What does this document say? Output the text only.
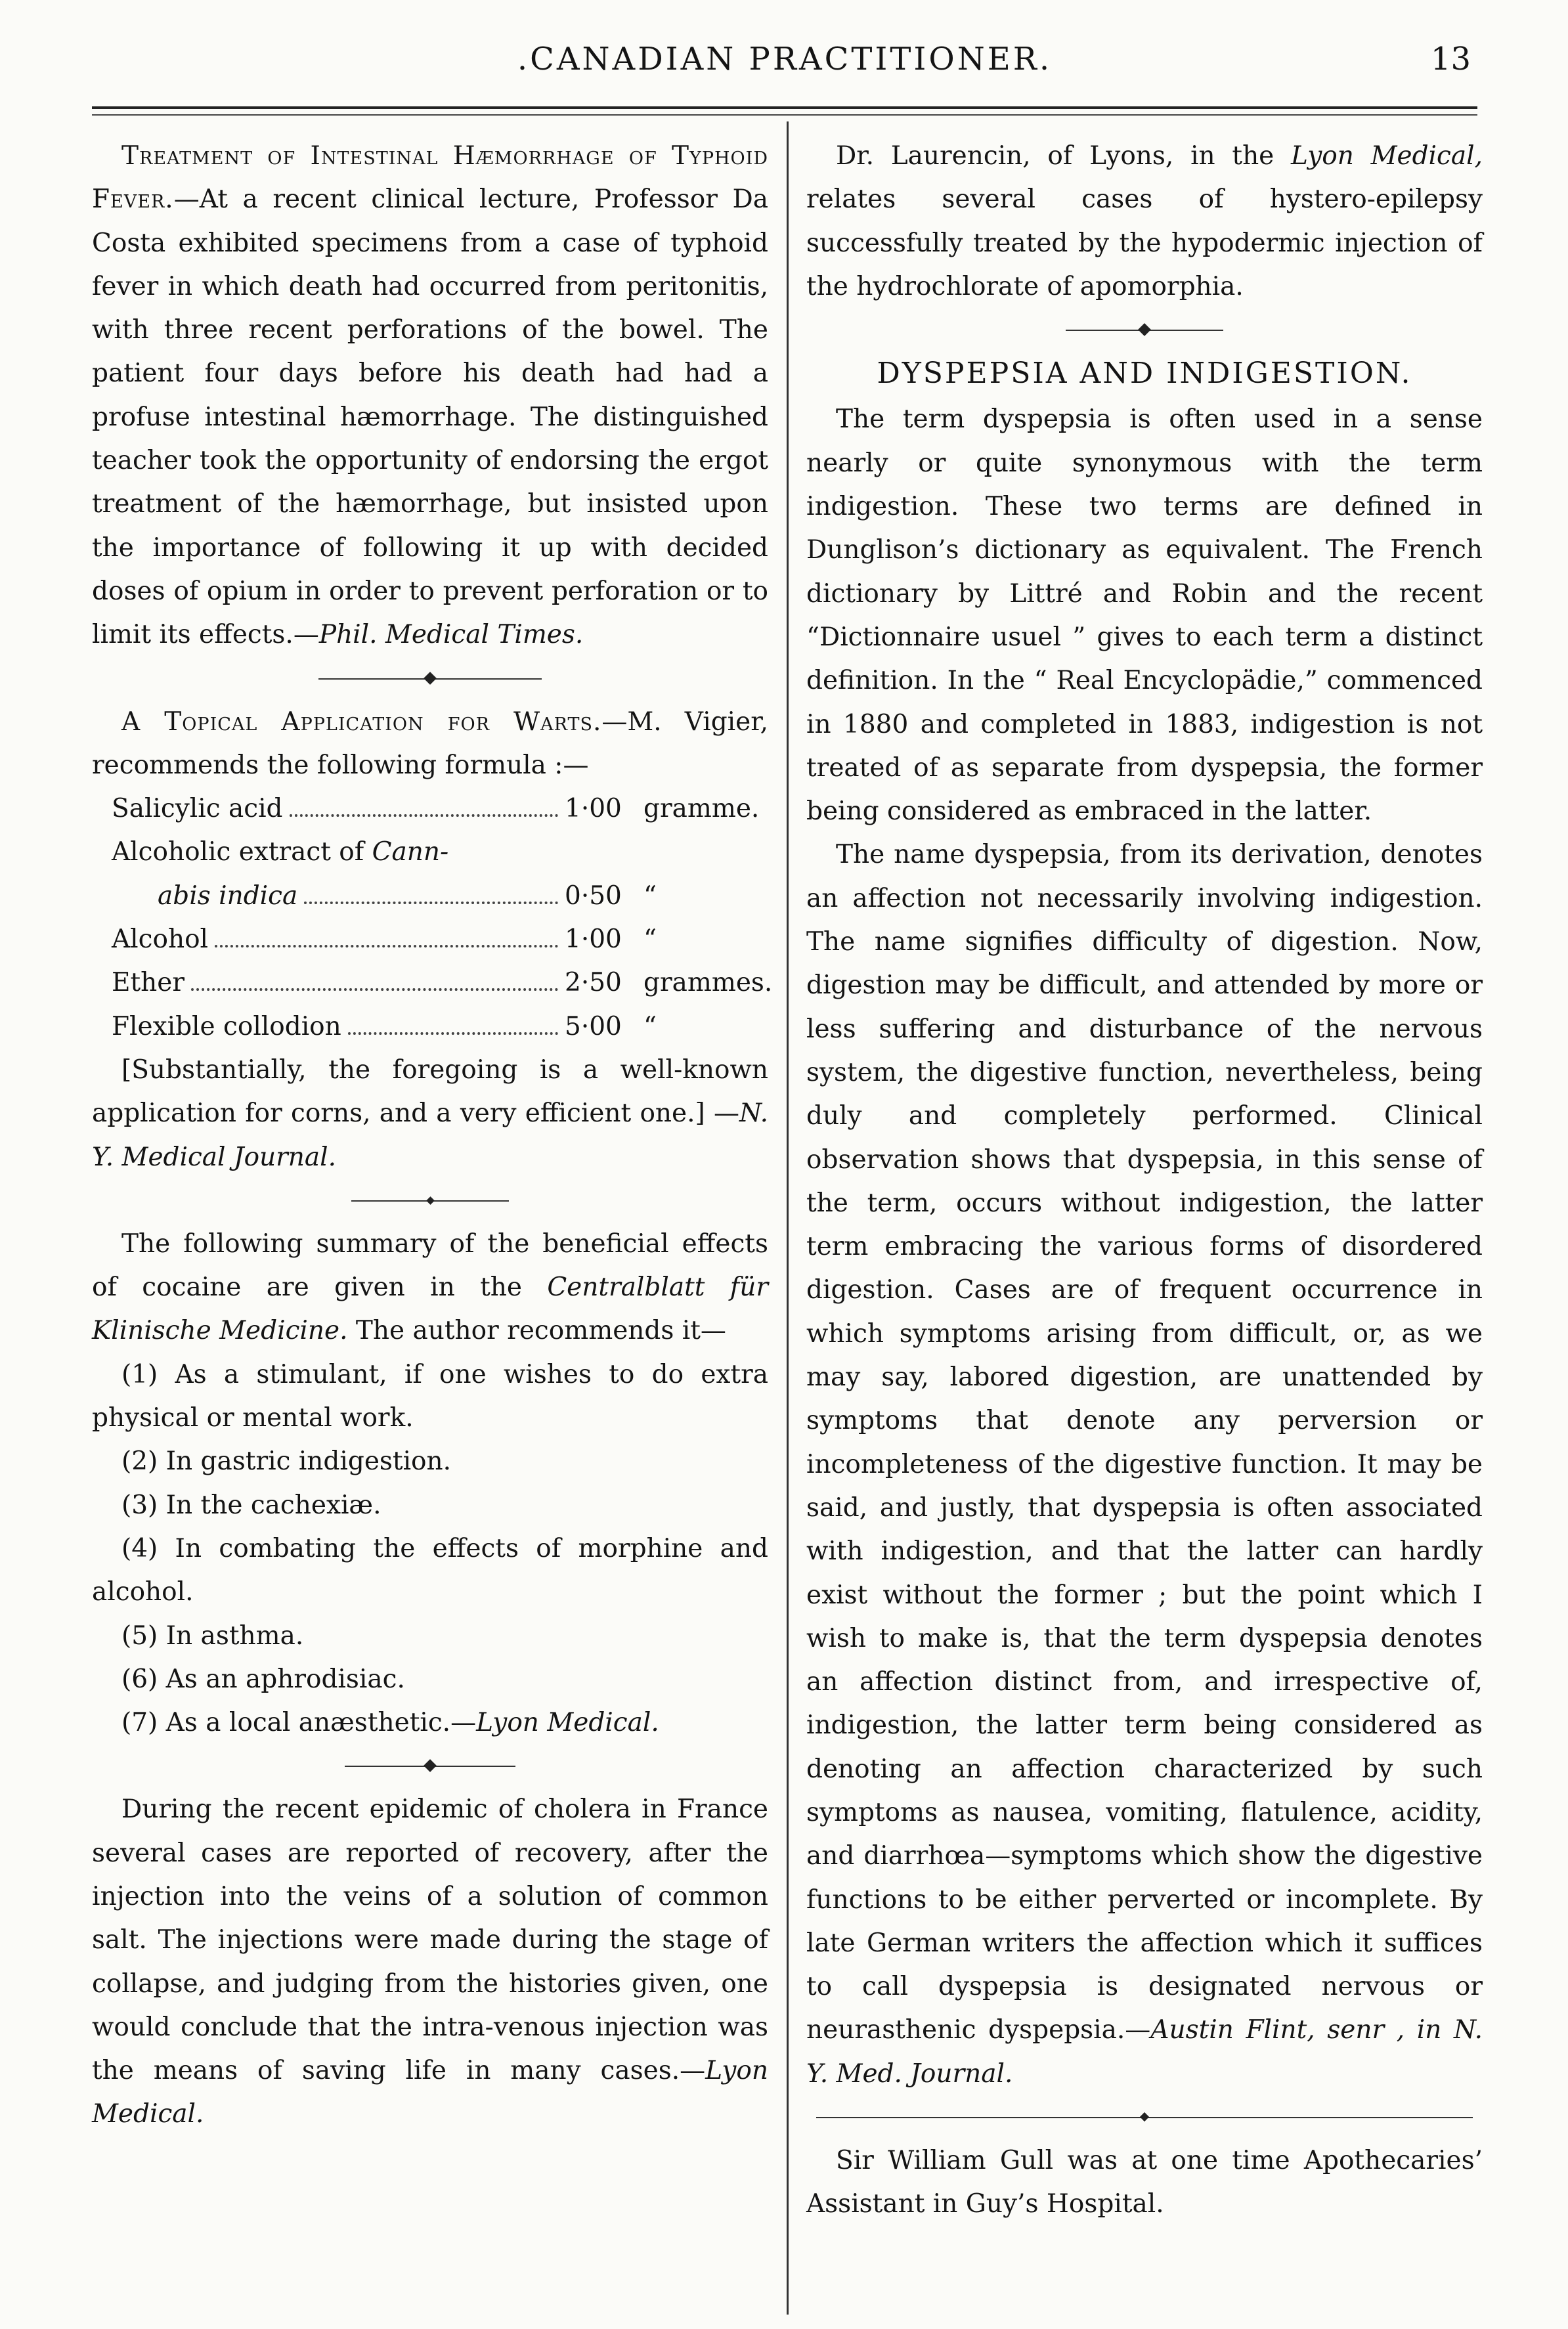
.CANADIAN PRACTITIONER.	13

Treatment of Intestinal Hæmorrhage of Typhoid Fever.—At a recent clinical lecture, Professor Da Costa exhibited specimens from a case of typhoid fever in which death had occurred from peritonitis, with three recent perforations of the bowel. The patient four days before his death had had a profuse intestinal hæmorrhage. The distinguished teacher took the opportunity of endorsing the ergot treatment of the hæmorrhage, but insisted upon the importance of following it up with decided doses of opium in order to prevent perforation or to limit its effects.—Phil. Medical Times.

A Topical Application for Warts.—M. Vigier, recommends the following formula :—

Salicylic acid	1·00 gramme.
Alcoholic extract of Cann-
abis indica	0·50 “
Alcohol	1·00 “
Ether	2·50 grammes.
Flexible collodion	5·00 “

[Substantially, the foregoing is a well-known application for corns, and a very efficient one.] —N. Y. Medical Journal.

The following summary of the beneficial effects of cocaine are given in the Centralblatt für Klinische Medicine. The author recommends it—

(1) As a stimulant, if one wishes to do extra physical or mental work.

(2) In gastric indigestion.

(3) In the cachexiæ.

(4) In combating the effects of morphine and alcohol.

(5) In asthma.

(6) As an aphrodisiac.

(7) As a local anæsthetic.—Lyon Medical.

During the recent epidemic of cholera in France several cases are reported of recovery, after the injection into the veins of a solution of common salt. The injections were made during the stage of collapse, and judging from the histories given, one would conclude that the intra-venous injection was the means of saving life in many cases.—Lyon Medical.

Dr. Laurencin, of Lyons, in the Lyon Medical, relates several cases of hystero-epilepsy successfully treated by the hypodermic injection of the hydrochlorate of apomorphia.

DYSPEPSIA AND INDIGESTION.

The term dyspepsia is often used in a sense nearly or quite synonymous with the term indigestion. These two terms are defined in Dunglison’s dictionary as equivalent. The French dictionary by Littré and Robin and the recent “Dictionnaire usuel ” gives to each term a distinct definition. In the “ Real Encyclopädie,” commenced in 1880 and completed in 1883, indigestion is not treated of as separate from dyspepsia, the former being considered as embraced in the latter.

The name dyspepsia, from its derivation, denotes an affection not necessarily involving indigestion. The name signifies difficulty of digestion. Now, digestion may be difficult, and attended by more or less suffering and disturbance of the nervous system, the digestive function, nevertheless, being duly and completely performed. Clinical observation shows that dyspepsia, in this sense of the term, occurs without indigestion, the latter term embracing the various forms of disordered digestion. Cases are of frequent occurrence in which symptoms arising from difficult, or, as we may say, labored digestion, are unattended by symptoms that denote any perversion or incompleteness of the digestive function. It may be said, and justly, that dyspepsia is often associated with indigestion, and that the latter can hardly exist without the former ; but the point which I wish to make is, that the term dyspepsia denotes an affection distinct from, and irrespective of, indigestion, the latter term being considered as denoting an affection characterized by such symptoms as nausea, vomiting, flatulence, acidity, and diarrhœa—symptoms which show the digestive functions to be either perverted or incomplete. By late German writers the affection which it suffices to call dyspepsia is designated nervous or neurasthenic dyspepsia.—Austin Flint, senr , in N. Y. Med. Journal.

Sir William Gull was at one time Apothecaries’ Assistant in Guy’s Hospital.
